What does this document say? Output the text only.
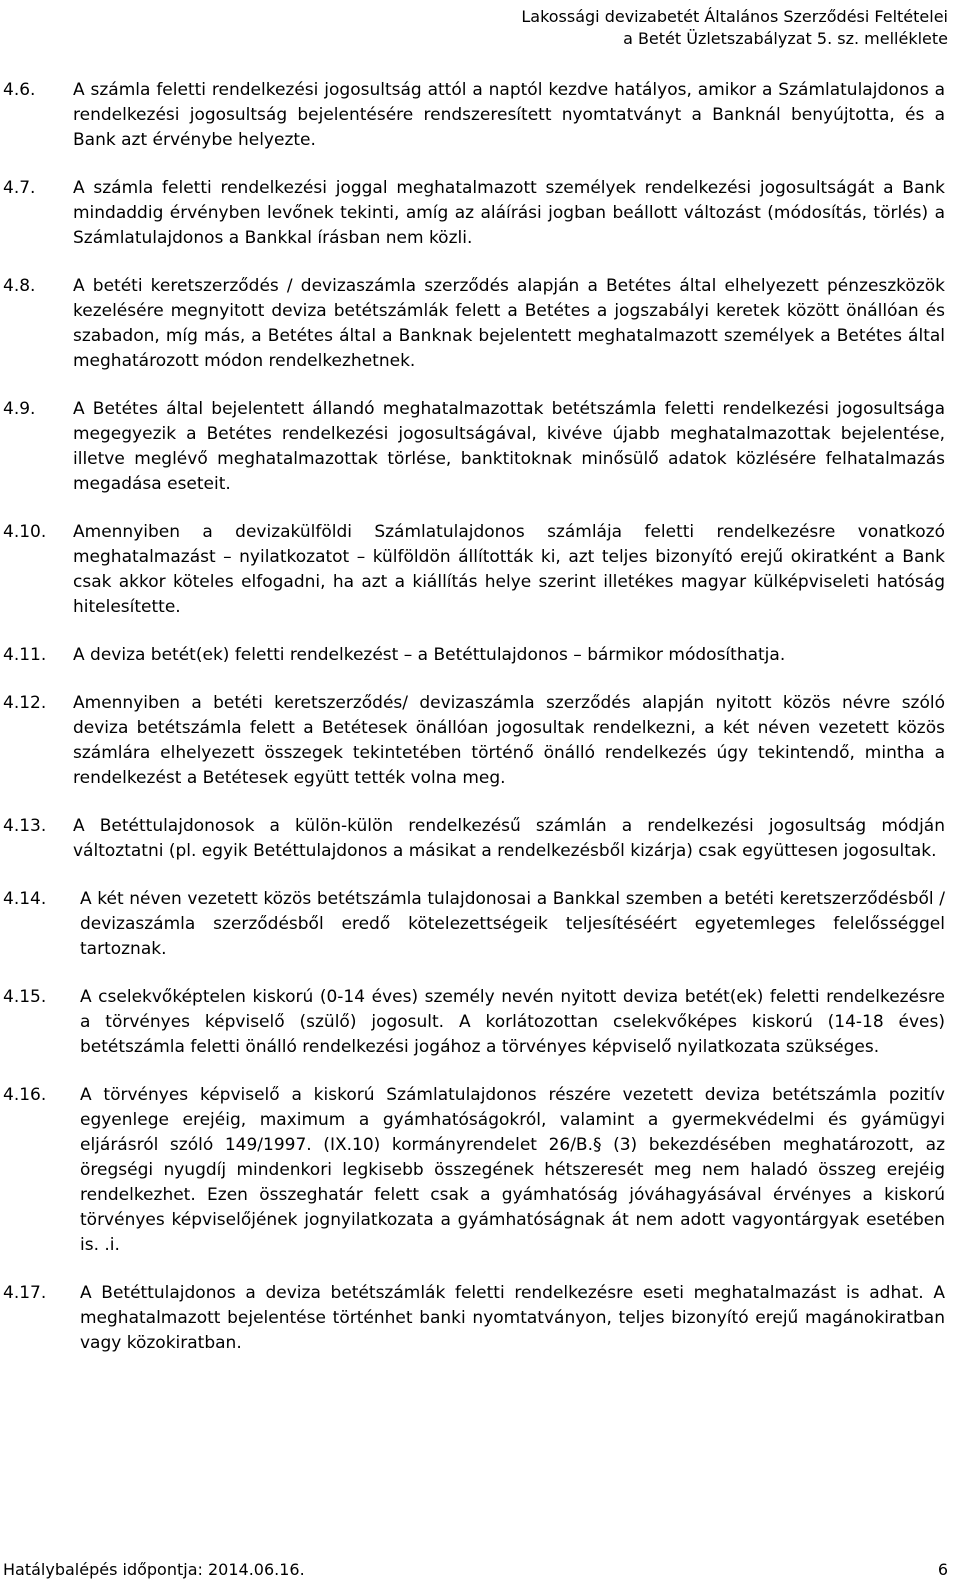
Lakossági devizabetét Általános Szerződési Feltételei
a Betét Üzletszabályzat 5. sz. melléklete
4.6.	A számla feletti rendelkezési jogosultság attól a naptól kezdve hatályos, amikor a Számlatulajdonos a rendelkezési jogosultság bejelentésére rendszeresített nyomtatványt a Banknál benyújtotta, és a Bank azt érvénybe helyezte.
4.7.	A számla feletti rendelkezési joggal meghatalmazott személyek rendelkezési jogosultságát a Bank mindaddig érvényben levőnek tekinti, amíg az aláírási jogban beállott változást (módosítás, törlés) a Számlatulajdonos a Bankkal írásban nem közli.
4.8.	A betéti keretszerződés / devizaszámla szerződés alapján a Betétes által elhelyezett pénzeszközök kezelésére megnyitott deviza betétszámlák felett a Betétes a jogszabályi keretek között önállóan és szabadon, míg más, a Betétes által a Banknak bejelentett meghatalmazott személyek a Betétes által meghatározott módon rendelkezhetnek.
4.9.	A Betétes által bejelentett állandó meghatalmazottak betétszámla feletti rendelkezési jogosultsága megegyezik a Betétes rendelkezési jogosultságával, kivéve újabb meghatalmazottak bejelentése, illetve meglévő meghatalmazottak törlése, banktitoknak minősülő adatok közlésére felhatalmazás megadása eseteit.
4.10.	Amennyiben a devizakülföldi Számlatulajdonos számlája feletti rendelkezésre vonatkozó meghatalmazást – nyilatkozatot – külföldön állították ki, azt teljes bizonyító erejű okiratként a Bank csak akkor köteles elfogadni, ha azt a kiállítás helye szerint illetékes magyar külképviseleti hatóság hitelesítette.
4.11.	A deviza betét(ek) feletti rendelkezést – a Betéttulajdonos – bármikor módosíthatja.
4.12.	Amennyiben a betéti keretszerződés/ devizaszámla szerződés alapján nyitott közös névre szóló deviza betétszámla felett a Betétesek önállóan jogosultak rendelkezni, a két néven vezetett közös számlára elhelyezett összegek tekintetében történő önálló rendelkezés úgy tekintendő, mintha a rendelkezést a Betétesek együtt tették volna meg.
4.13.	A Betéttulajdonosok a külön-külön rendelkezésű számlán a rendelkezési jogosultság módján változtatni (pl. egyik Betéttulajdonos a másikat a rendelkezésből kizárja) csak együttesen jogosultak.
4.14.	A két néven vezetett közös betétszámla tulajdonosai a Bankkal szemben a betéti keretszerződésből / devizaszámla szerződésből eredő kötelezettségeik teljesítéséért egyetemleges felelősséggel tartoznak.
4.15.	A cselekvőképtelen kiskorú (0-14 éves) személy nevén nyitott deviza betét(ek) feletti rendelkezésre a törvényes képviselő (szülő) jogosult. A korlátozottan cselekvőképes kiskorú (14-18 éves) betétszámla feletti önálló rendelkezési jogához a törvényes képviselő nyilatkozata szükséges.
4.16.	A törvényes képviselő a kiskorú Számlatulajdonos részére vezetett deviza betétszámla pozitív egyenlege erejéig, maximum a gyámhatóságokról, valamint a gyermekvédelmi és gyámügyi eljárásról szóló 149/1997. (IX.10) kormányrendelet 26/B.§ (3) bekezdésében meghatározott, az öregségi nyugdíj mindenkori legkisebb összegének hétszeresét meg nem haladó összeg erejéig rendelkezhet. Ezen összeghatár felett csak a gyámhatóság jóváhagyásával érvényes a kiskorú törvényes képviselőjének jognyilatkozata a gyámhatóságnak át nem adott vagyontárgyak esetében is. .i.
4.17.	A Betéttulajdonos a deviza betétszámlák feletti rendelkezésre eseti meghatalmazást is adhat. A meghatalmazott bejelentése történhet banki nyomtatványon, teljes bizonyító erejű magánokiratban vagy közokiratban.
Hatálybalépés időpontja: 2014.06.16.	6
